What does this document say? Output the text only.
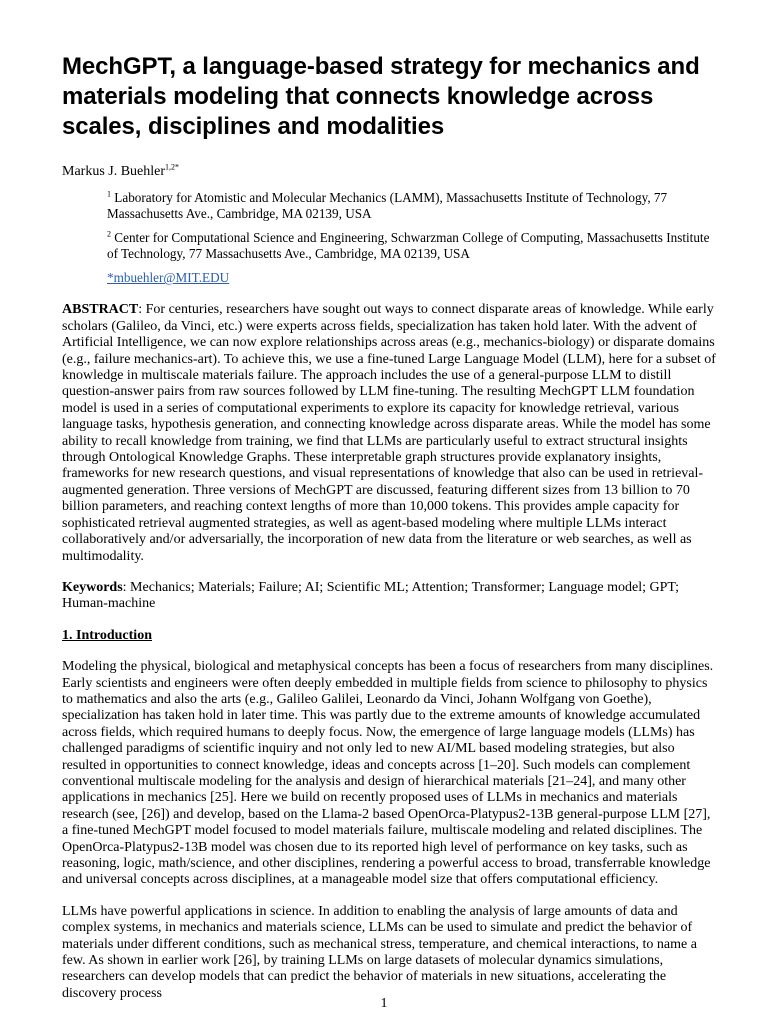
MechGPT, a language-based strategy for mechanics and materials modeling that connects knowledge across scales, disciplines and modalities

Markus J. Buehler$^{1,2*}$

$^1$ Laboratory for Atomistic and Molecular Mechanics (LAMM), Massachusetts Institute of Technology, 77 Massachusetts Ave., Cambridge, MA 02139, USA

$^2$ Center for Computational Science and Engineering, Schwarzman College of Computing, Massachusetts Institute of Technology, 77 Massachusetts Ave., Cambridge, MA 02139, USA

*mbuehler@MIT.EDU

ABSTRACT: For centuries, researchers have sought out ways to connect disparate areas of knowledge. While early scholars (Galileo, da Vinci, etc.) were experts across fields, specialization has taken hold later. With the advent of Artificial Intelligence, we can now explore relationships across areas (e.g., mechanics-biology) or disparate domains (e.g., failure mechanics-art). To achieve this, we use a fine-tuned Large Language Model (LLM), here for a subset of knowledge in multiscale materials failure. The approach includes the use of a general-purpose LLM to distill question-answer pairs from raw sources followed by LLM fine-tuning. The resulting MechGPT LLM foundation model is used in a series of computational experiments to explore its capacity for knowledge retrieval, various language tasks, hypothesis generation, and connecting knowledge across disparate areas. While the model has some ability to recall knowledge from training, we find that LLMs are particularly useful to extract structural insights through Ontological Knowledge Graphs. These interpretable graph structures provide explanatory insights, frameworks for new research questions, and visual representations of knowledge that also can be used in retrieval-augmented generation. Three versions of MechGPT are discussed, featuring different sizes from 13 billion to 70 billion parameters, and reaching context lengths of more than 10,000 tokens. This provides ample capacity for sophisticated retrieval augmented strategies, as well as agent-based modeling where multiple LLMs interact collaboratively and/or adversarially, the incorporation of new data from the literature or web searches, as well as multimodality.

Keywords: Mechanics; Materials; Failure; AI; Scientific ML; Attention; Transformer; Language model; GPT; Human-machine

1. Introduction

Modeling the physical, biological and metaphysical concepts has been a focus of researchers from many disciplines. Early scientists and engineers were often deeply embedded in multiple fields from science to philosophy to physics to mathematics and also the arts (e.g., Galileo Galilei, Leonardo da Vinci, Johann Wolfgang von Goethe), specialization has taken hold in later time. This was partly due to the extreme amounts of knowledge accumulated across fields, which required humans to deeply focus. Now, the emergence of large language models (LLMs) has challenged paradigms of scientific inquiry and not only led to new AI/ML based modeling strategies, but also resulted in opportunities to connect knowledge, ideas and concepts across [1–20]. Such models can complement conventional multiscale modeling for the analysis and design of hierarchical materials [21–24], and many other applications in mechanics [25]. Here we build on recently proposed uses of LLMs in mechanics and materials research (see, [26]) and develop, based on the Llama-2 based OpenOrca-Platypus2-13B general-purpose LLM [27], a fine-tuned MechGPT model focused to model materials failure, multiscale modeling and related disciplines. The OpenOrca-Platypus2-13B model was chosen due to its reported high level of performance on key tasks, such as reasoning, logic, math/science, and other disciplines, rendering a powerful access to broad, transferrable knowledge and universal concepts across disciplines, at a manageable model size that offers computational efficiency.

LLMs have powerful applications in science. In addition to enabling the analysis of large amounts of data and complex systems, in mechanics and materials science, LLMs can be used to simulate and predict the behavior of materials under different conditions, such as mechanical stress, temperature, and chemical interactions, to name a few. As shown in earlier work [26], by training LLMs on large datasets of molecular dynamics simulations, researchers can develop models that can predict the behavior of materials in new situations, accelerating the discovery process

1
